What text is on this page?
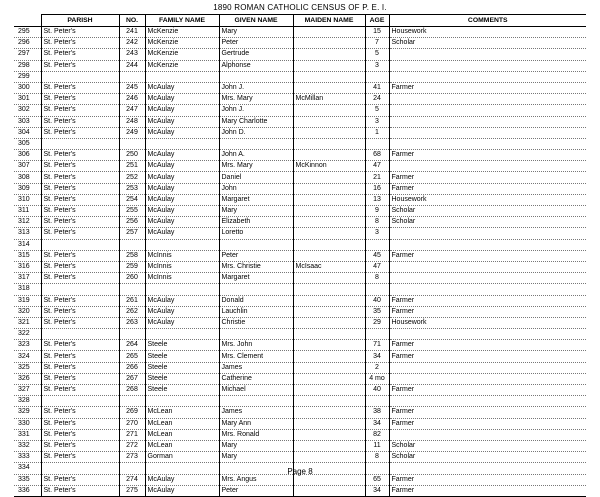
1890 ROMAN CATHOLIC CENSUS OF P. E. I.
	PARISH	NO.	FAMILY NAME	GIVEN NAME	MAIDEN NAME	AGE	COMMENTS
295	St. Peter's	241	McKenzie	Mary		15	Housework
296	St. Peter's	242	McKenzie	Peter		7	Scholar
297	St. Peter's	243	McKenzie	Gertrude		5	
298	St. Peter's	244	McKenzie	Alphonse		3	
299							
300	St. Peter's	245	McAulay	John J.		41	Farmer
301	St. Peter's	246	McAulay	Mrs. Mary	McMillan	24	
302	St. Peter's	247	McAulay	John J.		5	
303	St. Peter's	248	McAulay	Mary Charlotte		3	
304	St. Peter's	249	McAulay	John D.		1	
305							
306	St. Peter's	250	McAulay	John A.		68	Farmer
307	St. Peter's	251	McAulay	Mrs. Mary	McKinnon	47	
308	St. Peter's	252	McAulay	Daniel		21	Farmer
309	St. Peter's	253	McAulay	John		16	Farmer
310	St. Peter's	254	McAulay	Margaret		13	Housework
311	St. Peter's	255	McAulay	Mary		9	Scholar
312	St. Peter's	256	McAulay	Elizabeth		8	Scholar
313	St. Peter's	257	McAulay	Loretto		3	
314							
315	St. Peter's	258	McInnis	Peter		45	Farmer
316	St. Peter's	259	McInnis	Mrs. Christie	McIsaac	47	
317	St. Peter's	260	McInnis	Margaret		8	
318							
319	St. Peter's	261	McAulay	Donald		40	Farmer
320	St. Peter's	262	McAulay	Lauchlin		35	Farmer
321	St. Peter's	263	McAulay	Christie		29	Housework
322							
323	St. Peter's	264	Steele	Mrs. John		71	Farmer
324	St. Peter's	265	Steele	Mrs. Clement		34	Farmer
325	St. Peter's	266	Steele	James		2	
326	St. Peter's	267	Steele	Catherine		4 mo	
327	St. Peter's	268	Steele	Michael		40	Farmer
328							
329	St. Peter's	269	McLean	James		38	Farmer
330	St. Peter's	270	McLean	Mary Ann		34	Farmer
331	St. Peter's	271	McLean	Mrs. Ronald		82	
332	St. Peter's	272	McLean	Mary		11	Scholar
333	St. Peter's	273	Gorman	Mary		8	Scholar
334							
335	St. Peter's	274	McAulay	Mrs. Angus		65	Farmer
336	St. Peter's	275	McAulay	Peter		34	Farmer
Page 8
